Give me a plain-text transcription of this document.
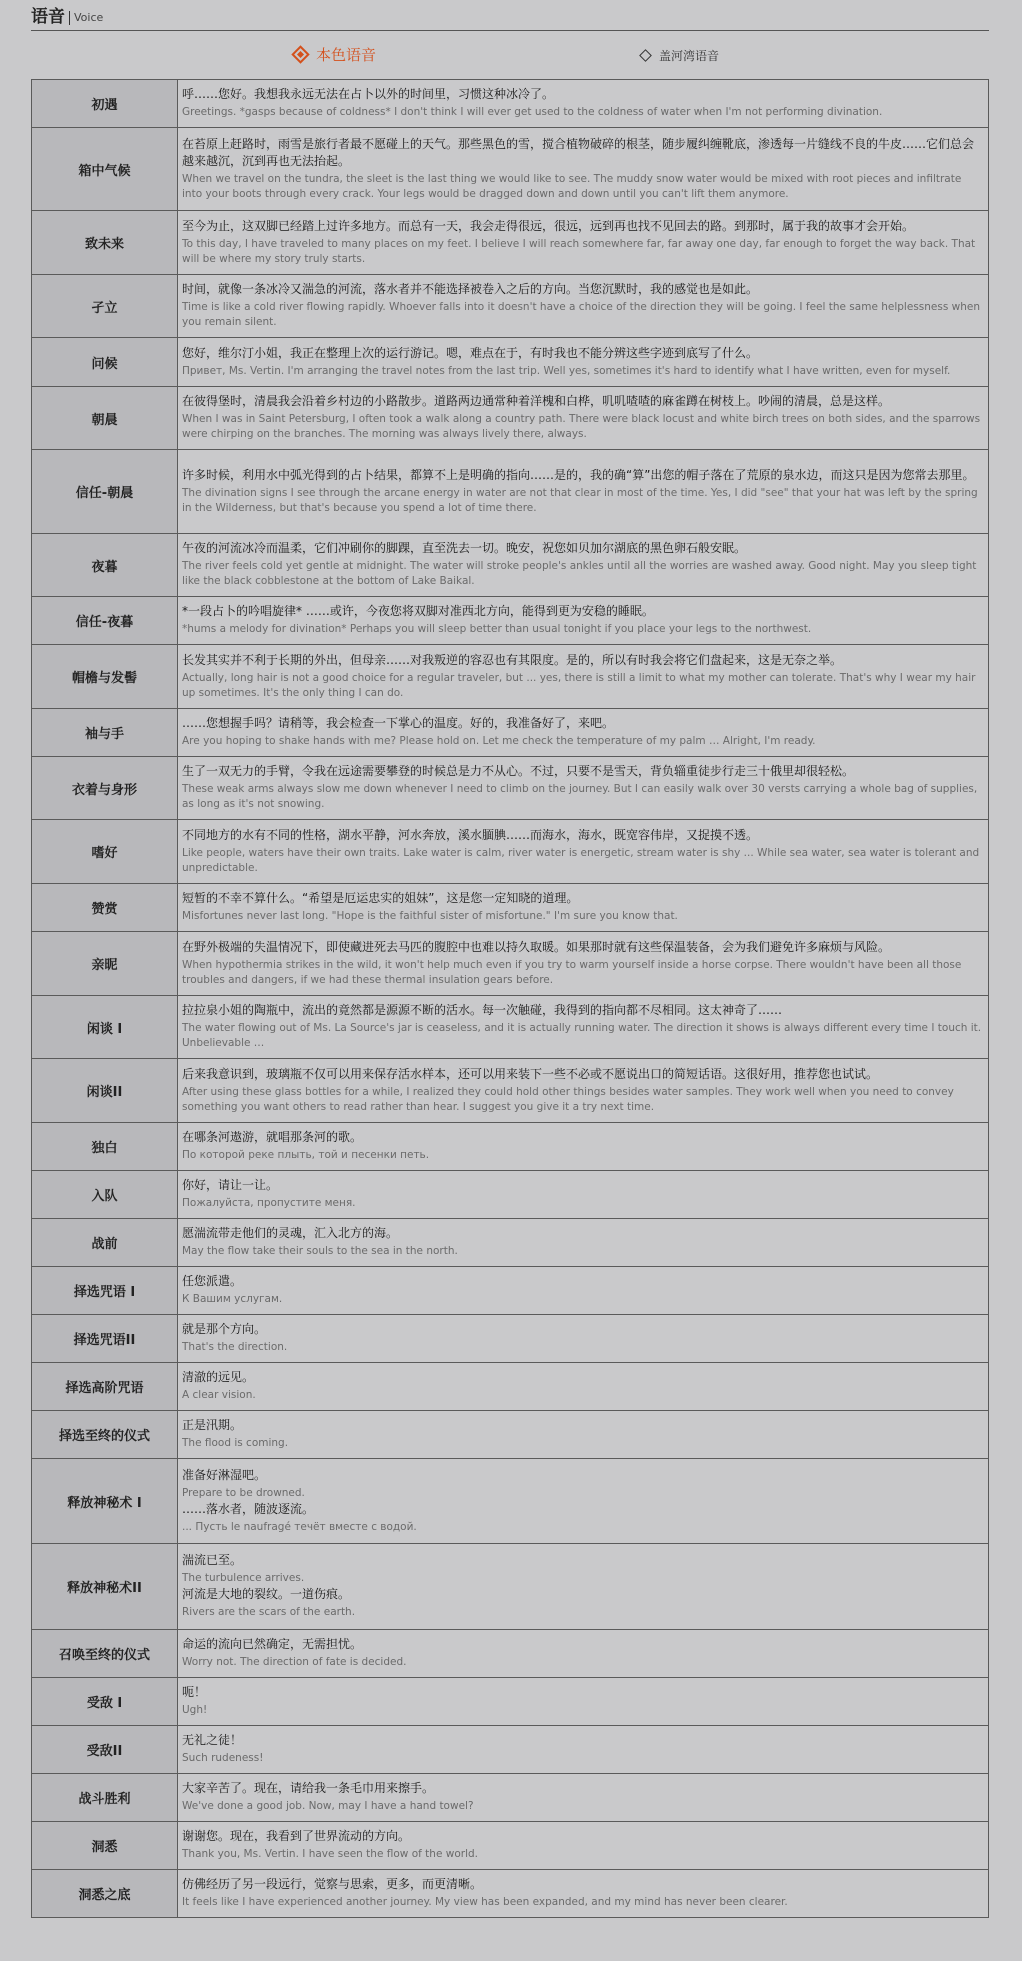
语音 Voice
本色语音	盖河湾语音
初遇	呼……您好。我想我永远无法在占卜以外的时间里，习惯这种冰冷了。
Greetings. *gasps because of coldness* I don't think I will ever get used to the coldness of water when I'm not performing divination.

箱中气候	在苔原上赶路时，雨雪是旅行者最不愿碰上的天气。那些黑色的雪，搅合植物破碎的根茎，随步履纠缠靴底，渗透每一片缝线不良的牛皮……它们总会越来越沉，沉到再也无法抬起。
When we travel on the tundra, the sleet is the last thing we would like to see. The muddy snow water would be mixed with root pieces and infiltrate into your boots through every crack. Your legs would be dragged down and down until you can't lift them anymore.

致未来	至今为止，这双脚已经踏上过许多地方。而总有一天，我会走得很远，很远，远到再也找不见回去的路。到那时，属于我的故事才会开始。
To this day, I have traveled to many places on my feet. I believe I will reach somewhere far, far away one day, far enough to forget the way back. That will be where my story truly starts.

孑立	时间，就像一条冰冷又湍急的河流，落水者并不能选择被卷入之后的方向。当您沉默时，我的感觉也是如此。
Time is like a cold river flowing rapidly. Whoever falls into it doesn't have a choice of the direction they will be going. I feel the same helplessness when you remain silent.

问候	您好，维尔汀小姐，我正在整理上次的运行游记。嗯，难点在于，有时我也不能分辨这些字迹到底写了什么。
Привет, Ms. Vertin. I'm arranging the travel notes from the last trip. Well yes, sometimes it's hard to identify what I have written, even for myself.

朝晨	在彼得堡时，清晨我会沿着乡村边的小路散步。道路两边通常种着洋槐和白桦，叽叽喳喳的麻雀蹲在树枝上。吵闹的清晨，总是这样。
When I was in Saint Petersburg, I often took a walk along a country path. There were black locust and white birch trees on both sides, and the sparrows were chirping on the branches. The morning was always lively there, always.

信任-朝晨	许多时候，利用水中弧光得到的占卜结果，都算不上是明确的指向……是的，我的确“算”出您的帽子落在了荒原的泉水边，而这只是因为您常去那里。
The divination signs I see through the arcane energy in water are not that clear in most of the time. Yes, I did "see" that your hat was left by the spring in the Wilderness, but that's because you spend a lot of time there.

夜暮	午夜的河流冰冷而温柔，它们冲刷你的脚踝，直至洗去一切。晚安，祝您如贝加尔湖底的黑色卵石般安眠。
The river feels cold yet gentle at midnight. The water will stroke people's ankles until all the worries are washed away. Good night. May you sleep tight like the black cobblestone at the bottom of Lake Baikal.

信任-夜暮	*一段占卜的吟唱旋律* ……或许，今夜您将双脚对准西北方向，能得到更为安稳的睡眠。
*hums a melody for divination* Perhaps you will sleep better than usual tonight if you place your legs to the northwest.

帽檐与发髻	长发其实并不利于长期的外出，但母亲……对我叛逆的容忍也有其限度。是的，所以有时我会将它们盘起来，这是无奈之举。
Actually, long hair is not a good choice for a regular traveler, but ... yes, there is still a limit to what my mother can tolerate. That's why I wear my hair up sometimes. It's the only thing I can do.

袖与手	……您想握手吗？请稍等，我会检查一下掌心的温度。好的，我准备好了，来吧。
Are you hoping to shake hands with me? Please hold on. Let me check the temperature of my palm … Alright, I'm ready.

衣着与身形	生了一双无力的手臂，令我在远途需要攀登的时候总是力不从心。不过，只要不是雪天，背负辎重徒步行走三十俄里却很轻松。
These weak arms always slow me down whenever I need to climb on the journey. But I can easily walk over 30 versts carrying a whole bag of supplies, as long as it's not snowing.

嗜好	不同地方的水有不同的性格，湖水平静，河水奔放，溪水腼腆……而海水，海水，既宽容伟岸，又捉摸不透。
Like people, waters have their own traits. Lake water is calm, river water is energetic, stream water is shy ... While sea water, sea water is tolerant and unpredictable.

赞赏	短暂的不幸不算什么。“希望是厄运忠实的姐妹”，这是您一定知晓的道理。
Misfortunes never last long. "Hope is the faithful sister of misfortune." I'm sure you know that.

亲昵	在野外极端的失温情况下，即使藏进死去马匹的腹腔中也难以持久取暖。如果那时就有这些保温装备，会为我们避免许多麻烦与风险。
When hypothermia strikes in the wild, it won't help much even if you try to warm yourself inside a horse corpse. There wouldn't have been all those troubles and dangers, if we had these thermal insulation gears before.

闲谈 I	拉拉泉小姐的陶瓶中，流出的竟然都是源源不断的活水。每一次触碰，我得到的指向都不尽相同。这太神奇了……
The water flowing out of Ms. La Source's jar is ceaseless, and it is actually running water. The direction it shows is always different every time I touch it. Unbelievable …

闲谈II	后来我意识到，玻璃瓶不仅可以用来保存活水样本，还可以用来装下一些不必或不愿说出口的简短话语。这很好用，推荐您也试试。
After using these glass bottles for a while, I realized they could hold other things besides water samples. They work well when you need to convey something you want others to read rather than hear. I suggest you give it a try next time.

独白	在哪条河遨游，就唱那条河的歌。
По которой реке плыть, той и песенки петь.

入队	你好，请让一让。
Пожалуйста, пропустите меня.

战前	愿湍流带走他们的灵魂，汇入北方的海。
May the flow take their souls to the sea in the north.

择选咒语 I	任您派遣。
К Вашим услугам.

择选咒语II	就是那个方向。
That's the direction.

择选高阶咒语	清澈的远见。
A clear vision.

择选至终的仪式	正是汛期。
The flood is coming.

释放神秘术 I	准备好淋湿吧。
Prepare to be drowned.
……落水者，随波逐流。
... Пусть le naufragé течёт вместе с водой.

释放神秘术II	湍流已至。
The turbulence arrives.
河流是大地的裂纹。一道伤痕。
Rivers are the scars of the earth.

召唤至终的仪式	命运的流向已然确定，无需担忧。
Worry not. The direction of fate is decided.

受敌 I	呃！
Ugh!

受敌II	无礼之徒！
Such rudeness!

战斗胜利	大家辛苦了。现在，请给我一条毛巾用来擦手。
We've done a good job. Now, may I have a hand towel?

洞悉	谢谢您。现在，我看到了世界流动的方向。
Thank you, Ms. Vertin. I have seen the flow of the world.

洞悉之底	仿佛经历了另一段远行，觉察与思索，更多，而更清晰。
It feels like I have experienced another journey. My view has been expanded, and my mind has never been clearer.
